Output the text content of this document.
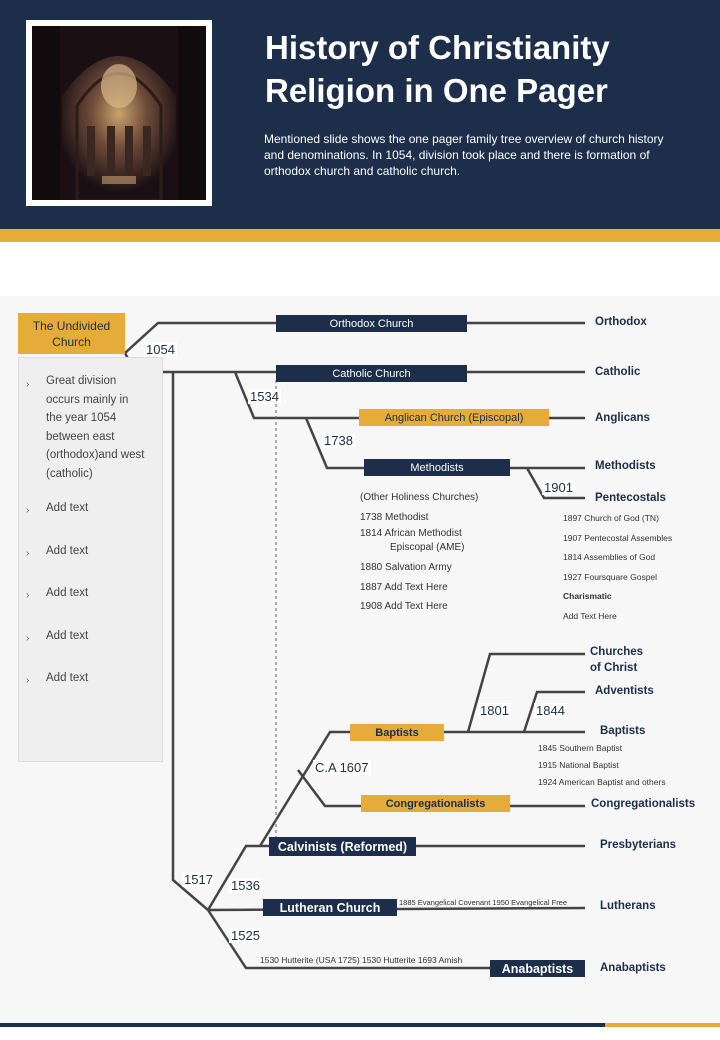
History of Christianity Religion in One Pager
Mentioned slide shows the one pager family tree overview of church history and denominations. In 1054, division took place and there is formation of orthodox church and catholic church.
The Undivided Church
› Great division occurs mainly in the year 1054 between east (orthodox)and west (catholic)
› Add text
› Add text
› Add text
› Add text
› Add text
1054
1534
1738
1901
1801 1844
C.A 1607
1517 1536
1525
Orthodox Church
Catholic Church
Anglican Church (Episcopal)
Methodists
Baptists
Congregationalists
Calvinists (Reformed)
Lutheran Church
Anabaptists
Orthodox
Catholic
Anglicans
Methodists
Pentecostals
Churches
of Christ
Adventists
Baptists
Congregationalists
Presbyterians
Lutherans
Anabaptists
(Other Holiness Churches)
1738 Methodist
1814 African Methodist
Episcopal (AME)
1880 Salvation Army
1887 Add Text Here
1908 Add Text Here
1897 Church of God (TN)
1907 Pentecostal Assembles
1814 Assemblies of God
1927 Foursquare Gospel
Charismatic
Add Text Here
1845 Southern Baptist
1915 National Baptist
1924 American Baptist and others
1885 Evangelical Covenant 1950 Evangelical Free
1530 Hutterite (USA 1725) 1530 Hutterite 1693 Amish
